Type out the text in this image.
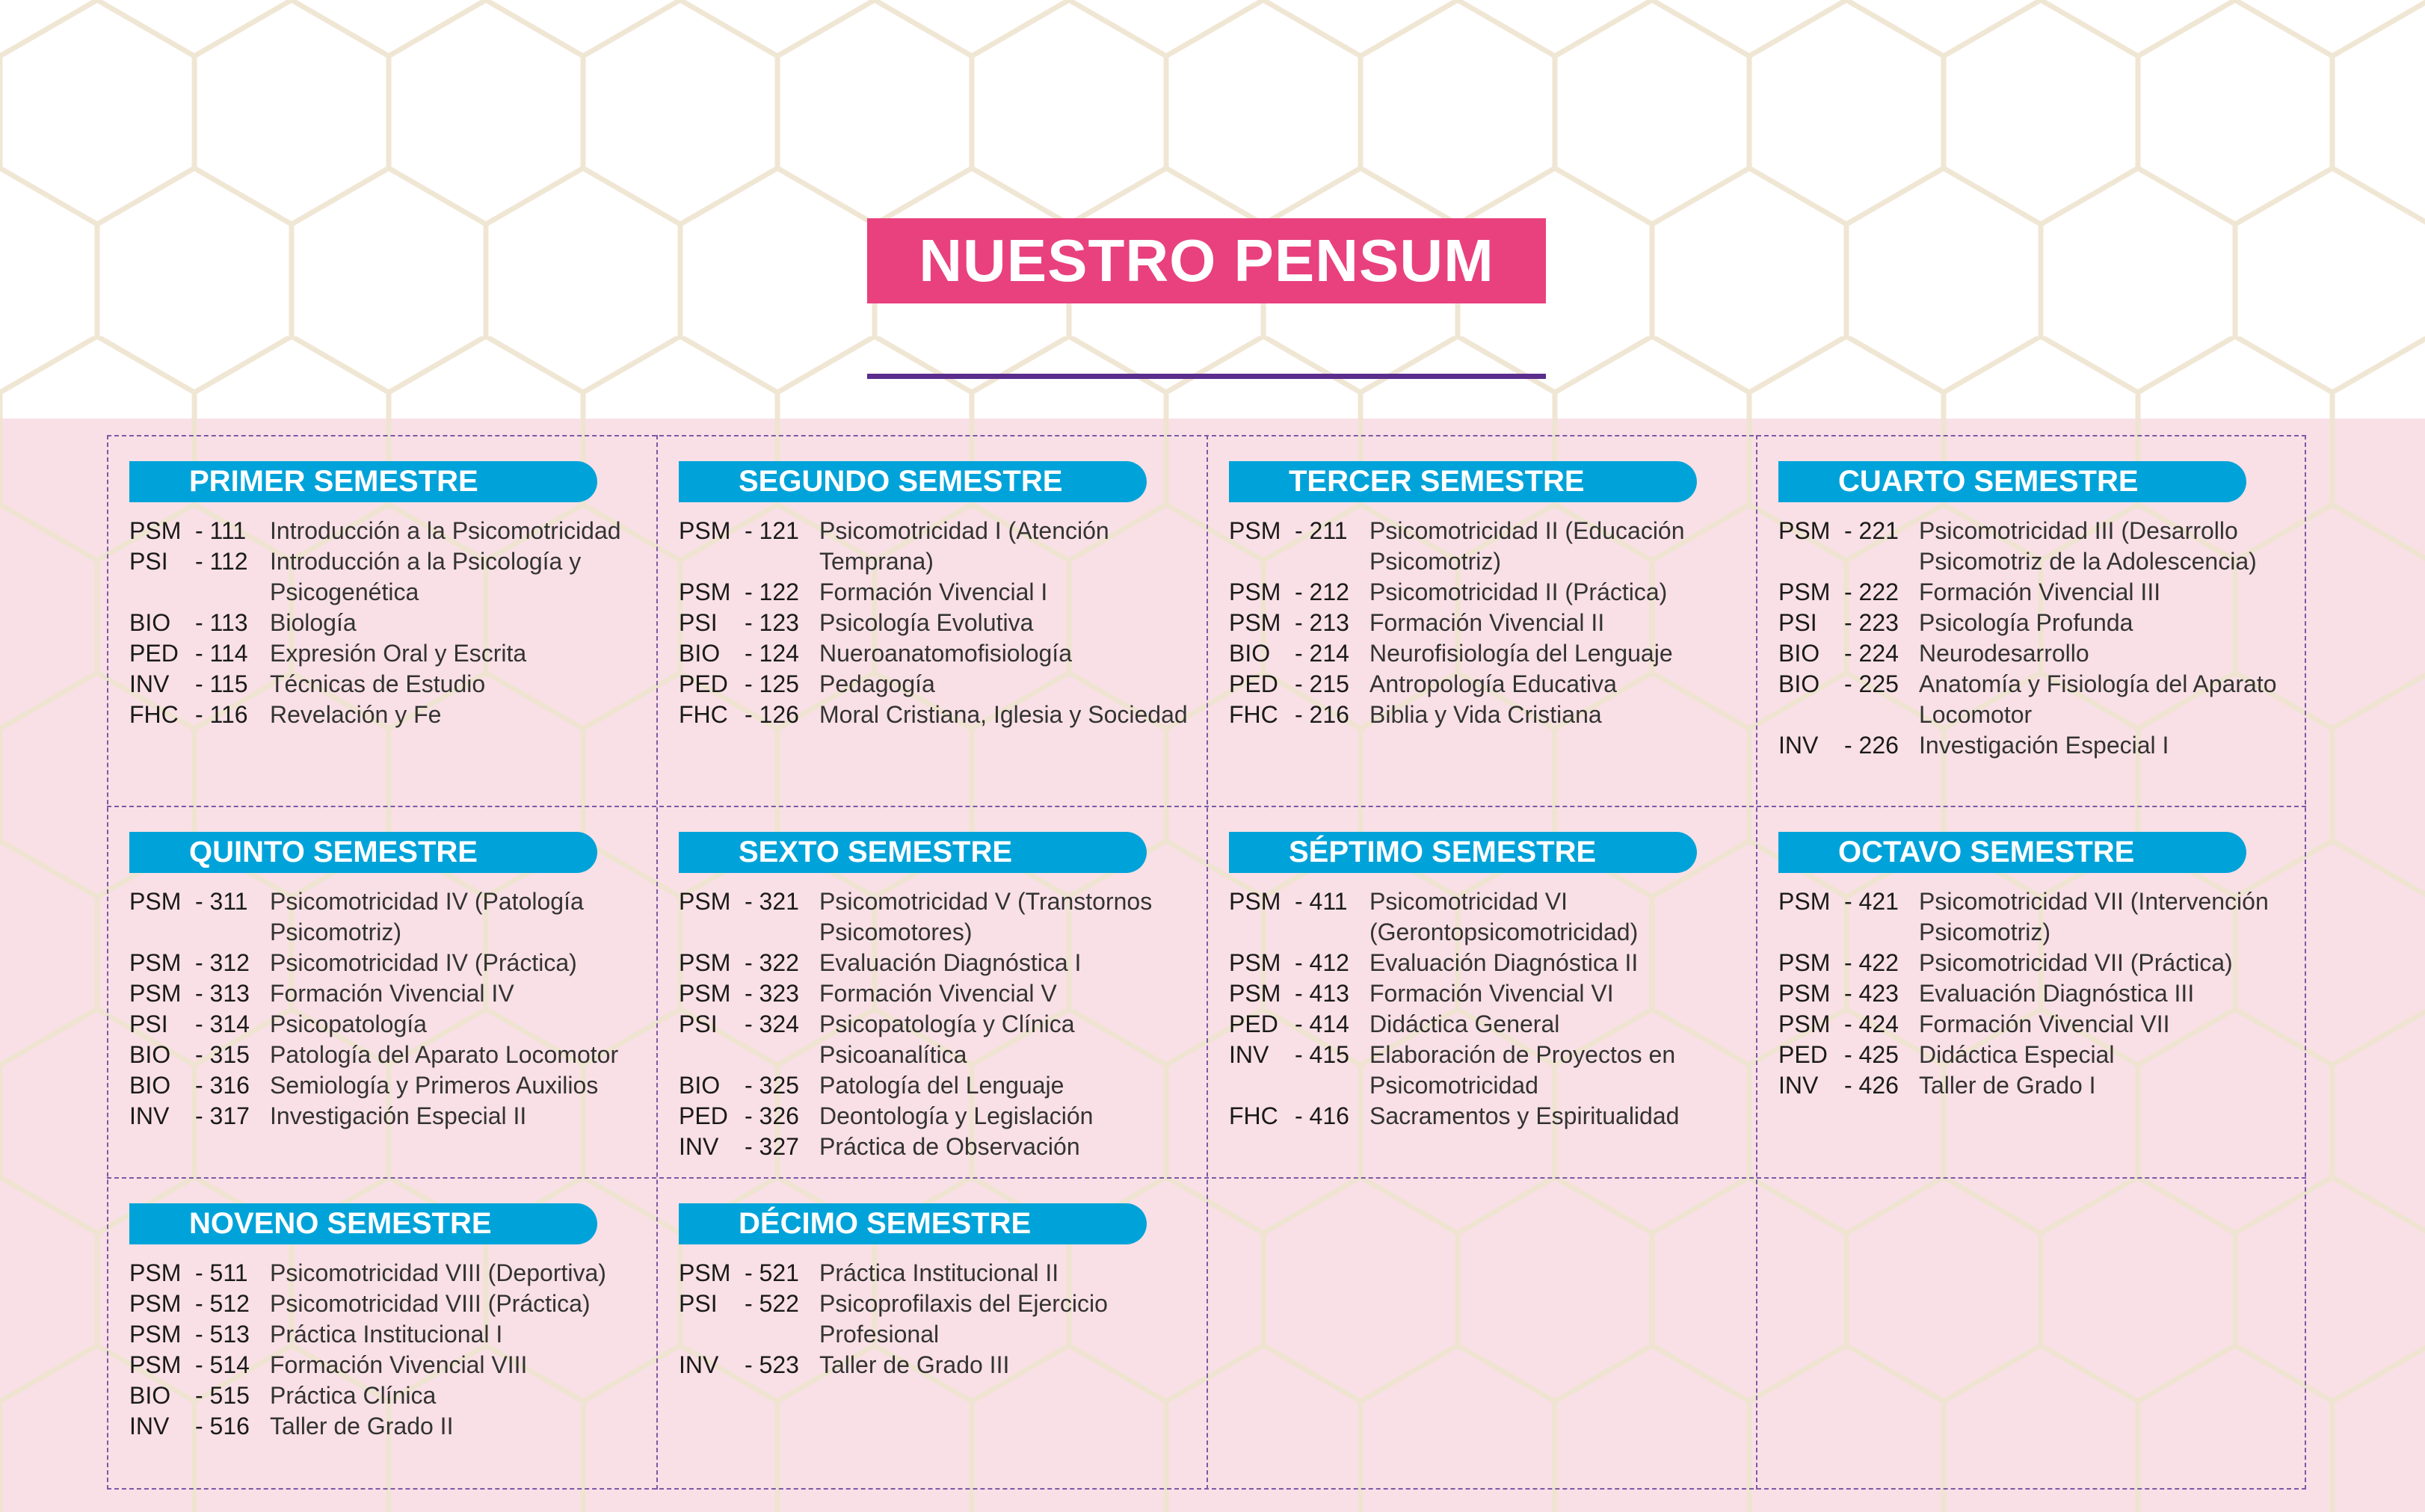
NUESTRO PENSUM
PRIMER SEMESTRE
PSM - 111 Introducción a la Psicomotricidad
PSI	- 112 Introducción a la Psicología y Psicogenética
BIO	- 113 Biología
PED - 114 Expresión Oral y Escrita
INV	- 115 Técnicas de Estudio
FHC - 116 Revelación y Fe
SEGUNDO SEMESTRE
PSM - 121 Psicomotricidad I (Atención Temprana)
PSM - 122 Formación Vivencial I
PSI	- 123 Psicología Evolutiva
BIO	- 124 Nueroanatomofisiología
PED - 125 Pedagogía
FHC - 126 Moral Cristiana, Iglesia y Sociedad
TERCER SEMESTRE
PSM - 211 Psicomotricidad II (Educación Psicomotriz)
PSM - 212 Psicomotricidad II (Práctica)
PSM - 213 Formación Vivencial II
BIO	- 214 Neurofisiología del Lenguaje
PED - 215 Antropología Educativa
FHC - 216 Biblia y Vida Cristiana
CUARTO SEMESTRE
PSM - 221 Psicomotricidad III (Desarrollo Psicomotriz de la Adolescencia)
PSM - 222 Formación Vivencial III
PSI	- 223 Psicología Profunda
BIO	- 224 Neurodesarrollo
BIO	- 225 Anatomía y Fisiología del Aparato Locomotor
INV	- 226 Investigación Especial I
QUINTO SEMESTRE
PSM - 311 Psicomotricidad IV (Patología Psicomotriz)
PSM - 312 Psicomotricidad IV (Práctica)
PSM - 313 Formación Vivencial IV
PSI	- 314 Psicopatología
BIO	- 315 Patología del Aparato Locomotor
BIO	- 316 Semiología y Primeros Auxilios
INV	- 317 Investigación Especial II
SEXTO SEMESTRE
PSM - 321 Psicomotricidad V (Transtornos Psicomotores)
PSM - 322 Evaluación Diagnóstica I
PSM - 323 Formación Vivencial V
PSI	- 324 Psicopatología y Clínica Psicoanalítica
BIO	- 325 Patología del Lenguaje
PED - 326 Deontología y Legislación
INV	- 327 Práctica de Observación
SÉPTIMO SEMESTRE
PSM - 411 Psicomotricidad VI (Gerontopsicomotricidad)
PSM - 412 Evaluación Diagnóstica II
PSM - 413 Formación Vivencial VI
PED - 414 Didáctica General
INV	- 415 Elaboración de Proyectos en Psicomotricidad
FHC - 416 Sacramentos y Espiritualidad
OCTAVO SEMESTRE
PSM - 421 Psicomotricidad VII (Intervención Psicomotriz)
PSM - 422 Psicomotricidad VII (Práctica)
PSM - 423 Evaluación Diagnóstica III
PSM - 424 Formación Vivencial VII
PED - 425 Didáctica Especial
INV	- 426 Taller de Grado I
NOVENO SEMESTRE
PSM - 511 Psicomotricidad VIII (Deportiva)
PSM - 512 Psicomotricidad VIII (Práctica)
PSM - 513 Práctica Institucional I
PSM - 514 Formación Vivencial VIII
BIO	- 515 Práctica Clínica
INV	- 516 Taller de Grado II
DÉCIMO SEMESTRE
PSM - 521 Práctica Institucional II
PSI	- 522 Psicoprofilaxis del Ejercicio Profesional
INV	- 523 Taller de Grado III
